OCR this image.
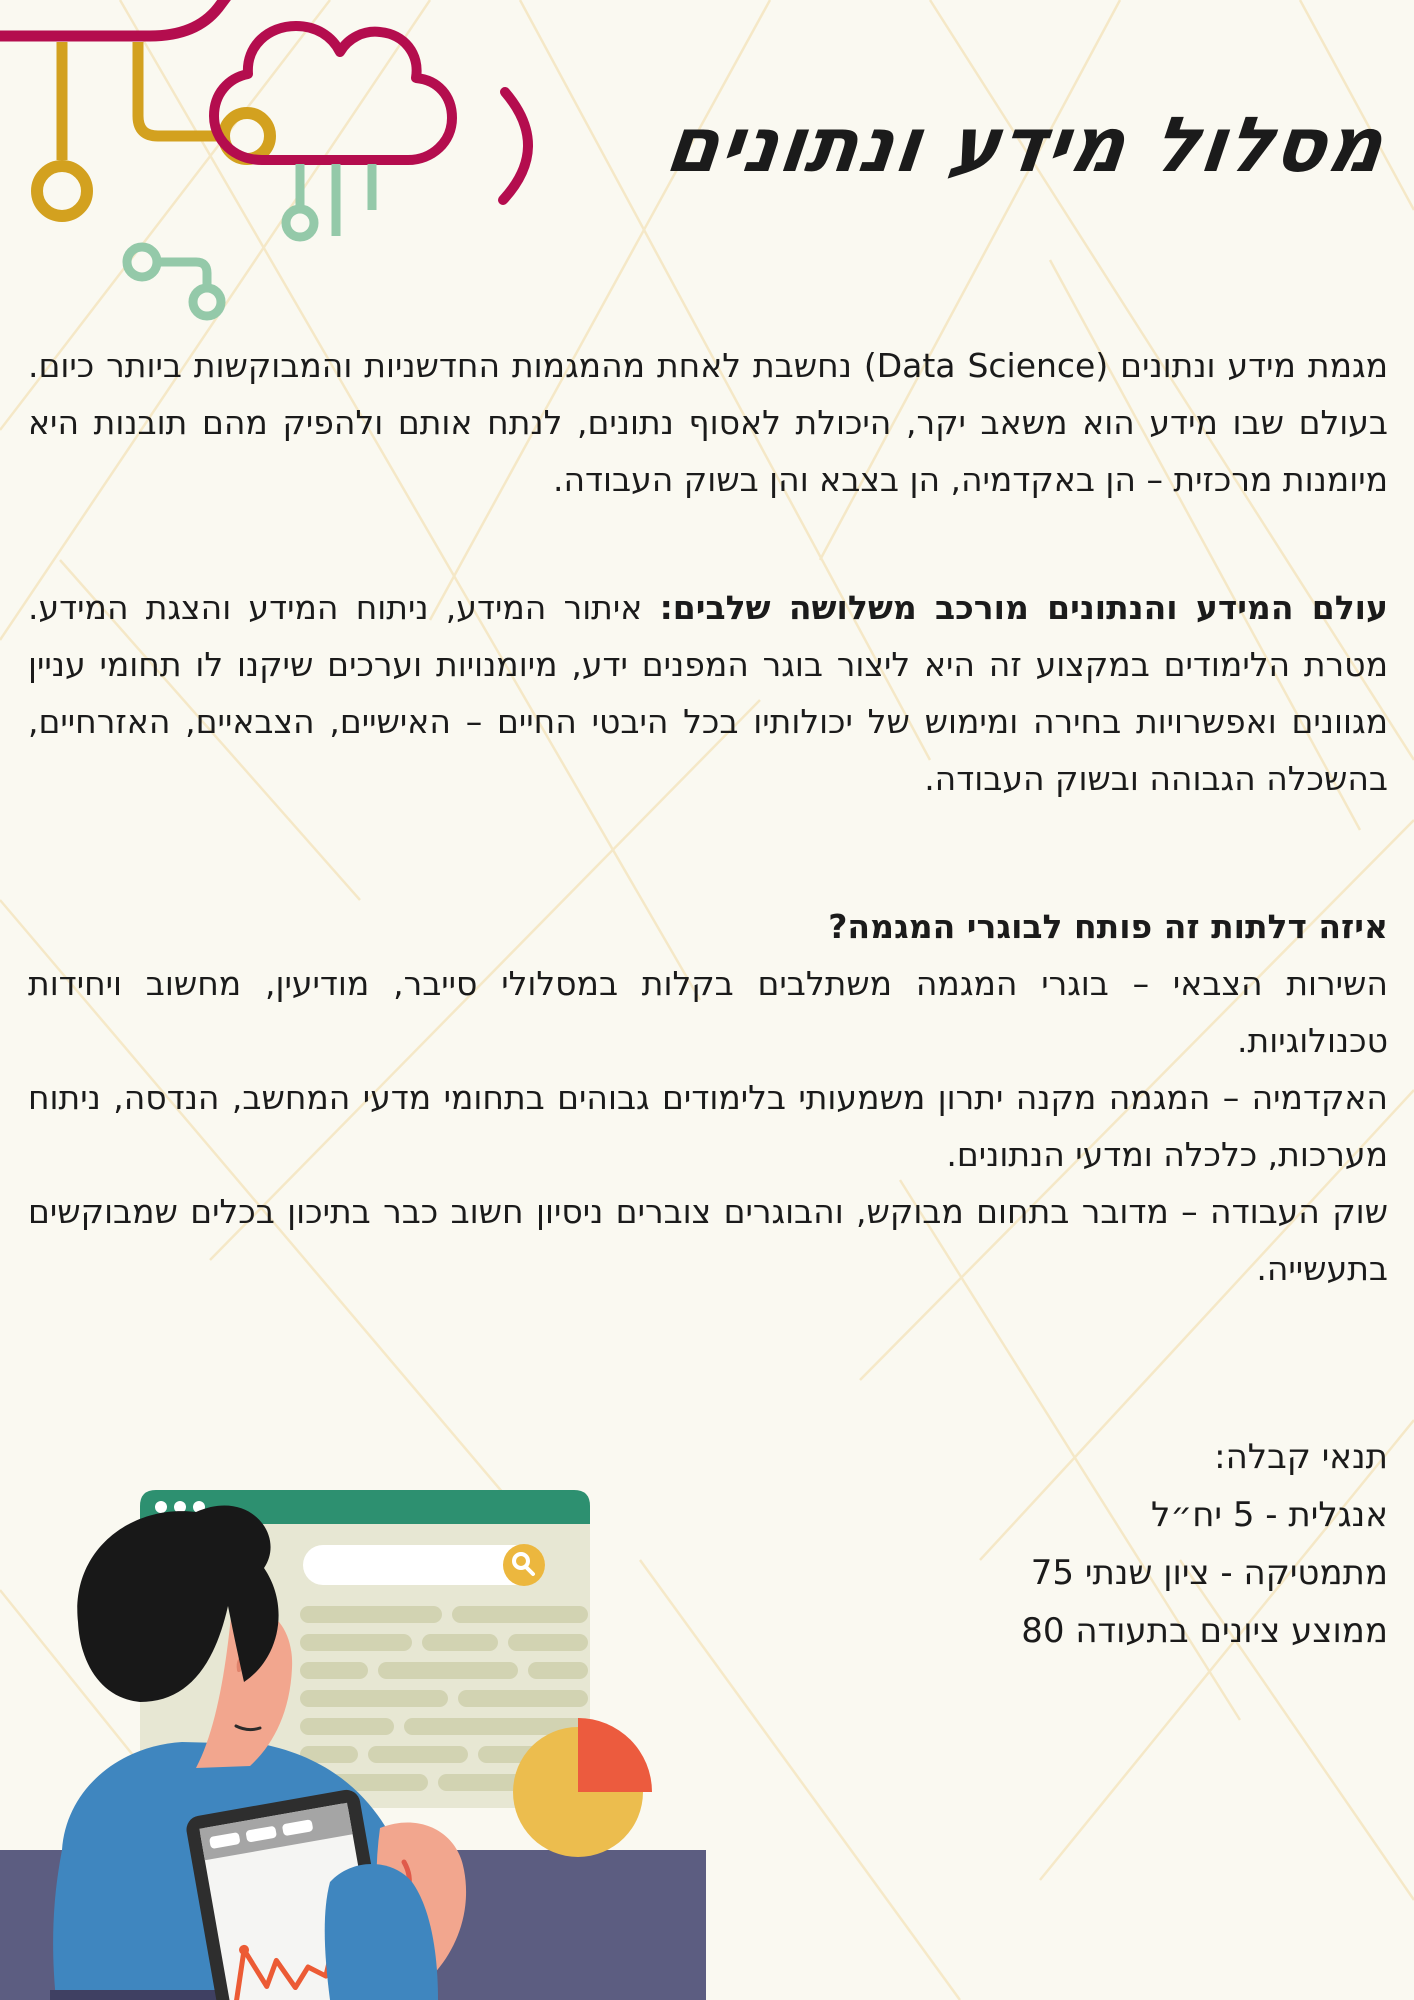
מסלול מידע ונתונים

מגמת מידע ונתונים (Data Science) נחשבת לאחת מהמגמות החדשניות והמבוקשות ביותר כיום. בעולם שבו מידע הוא משאב יקר, היכולת לאסוף נתונים, לנתח אותם ולהפיק מהם תובנות היא מיומנות מרכזית – הן באקדמיה, הן בצבא והן בשוק העבודה.

עולם המידע והנתונים מורכב משלושה שלבים: איתור המידע, ניתוח המידע והצגת המידע. מטרת הלימודים במקצוע זה היא ליצור בוגר המפנים ידע, מיומנויות וערכים שיקנו לו תחומי עניין מגוונים ואפשרויות בחירה ומימוש של יכולותיו בכל היבטי החיים – האישיים, הצבאיים, האזרחיים, בהשכלה הגבוהה ובשוק העבודה.

איזה דלתות זה פותח לבוגרי המגמה?
השירות הצבאי – בוגרי המגמה משתלבים בקלות במסלולי סייבר, מודיעין, מחשוב ויחידות טכנולוגיות.
האקדמיה – המגמה מקנה יתרון משמעותי בלימודים גבוהים בתחומי מדעי המחשב, הנדסה, ניתוח מערכות, כלכלה ומדעי הנתונים.
שוק העבודה – מדובר בתחום מבוקש, והבוגרים צוברים ניסיון חשוב כבר בתיכון בכלים שמבוקשים בתעשייה.
תנאי קבלה:
אנגלית - 5 יח״ל
מתמטיקה - ציון שנתי 75
ממוצע ציונים בתעודה 80
